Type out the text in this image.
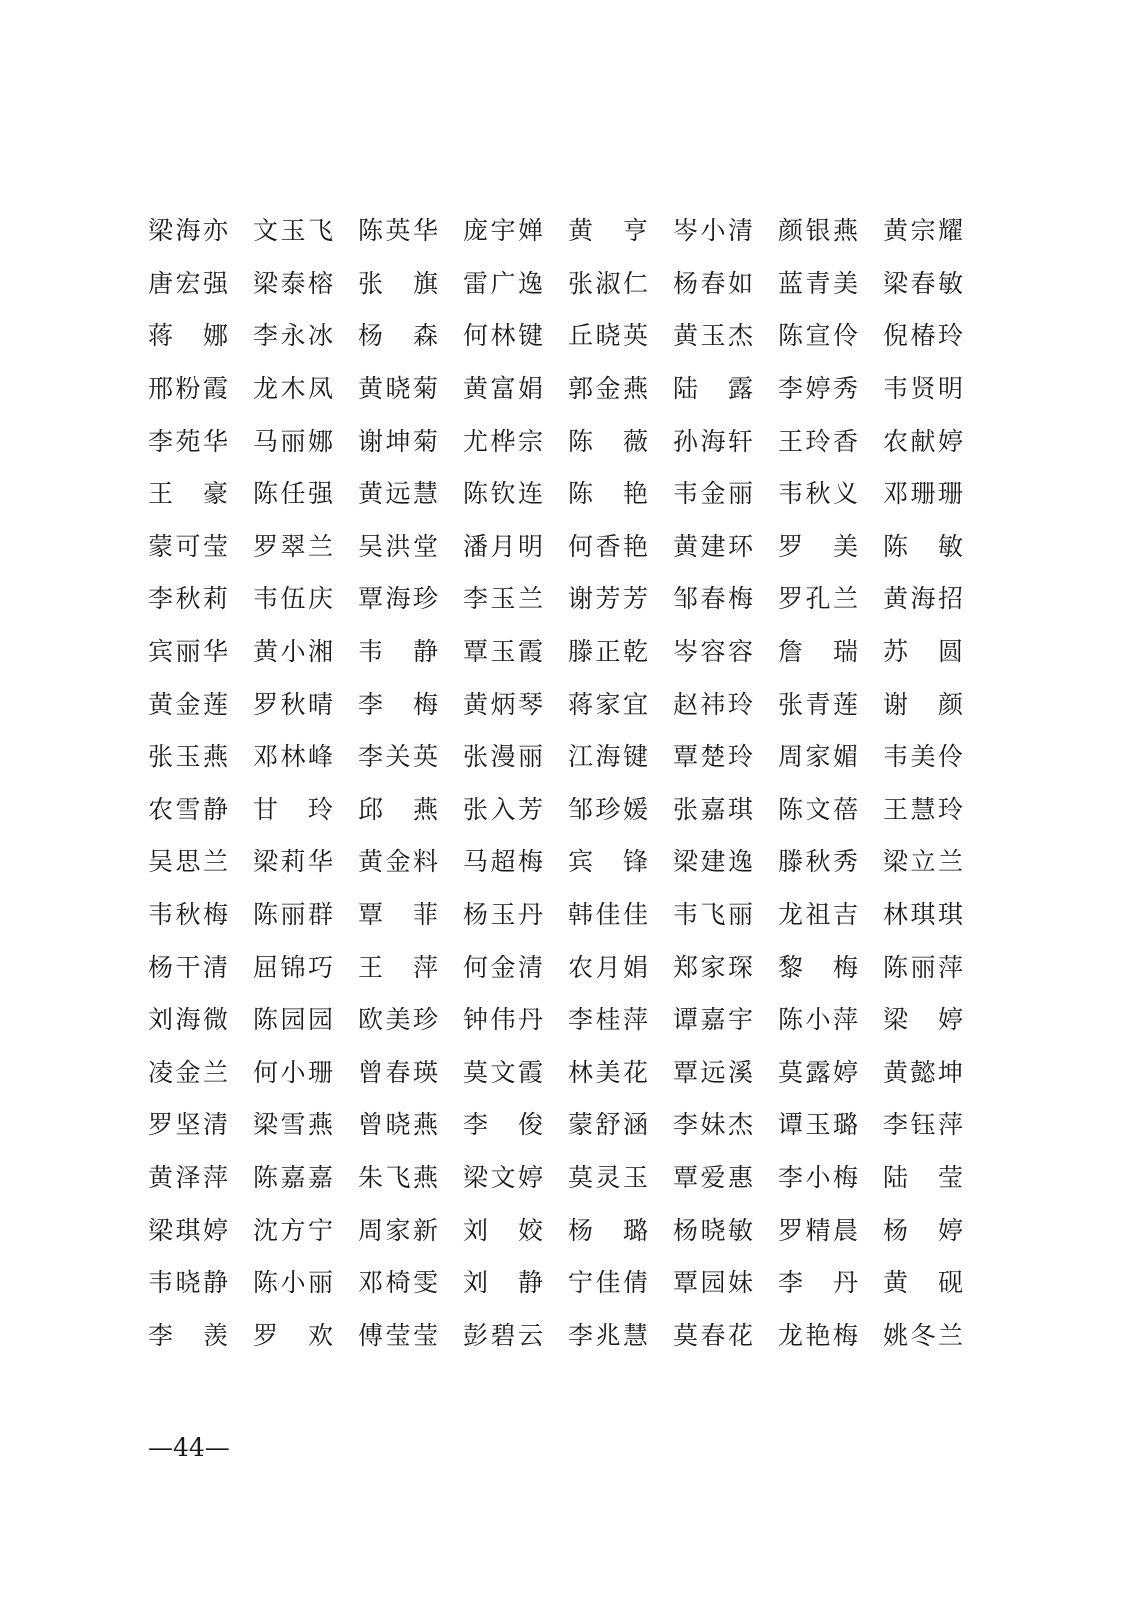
梁海亦 文玉飞 陈英华 庞宇婵 黄　亨 岑小清 颜银燕 黄宗耀
唐宏强 梁泰榕 张　旗 雷广逸 张淑仁 杨春如 蓝青美 梁春敏
蒋　娜 李永冰 杨　森 何林键 丘晓英 黄玉杰 陈宣伶 倪椿玲
邢粉霞 龙木凤 黄晓菊 黄富娟 郭金燕 陆　露 李婷秀 韦贤明
李苑华 马丽娜 谢坤菊 尤桦宗 陈　薇 孙海轩 王玲香 农献婷
王　豪 陈任强 黄远慧 陈钦连 陈　艳 韦金丽 韦秋义 邓珊珊
蒙可莹 罗翠兰 吴洪堂 潘月明 何香艳 黄建环 罗　美 陈　敏
李秋莉 韦伍庆 覃海珍 李玉兰 谢芳芳 邹春梅 罗孔兰 黄海招
宾丽华 黄小湘 韦　静 覃玉霞 滕正乾 岑容容 詹　瑞 苏　圆
黄金莲 罗秋晴 李　梅 黄炳琴 蒋家宜 赵祎玲 张青莲 谢　颜
张玉燕 邓林峰 李关英 张漫丽 江海键 覃楚玲 周家媚 韦美伶
农雪静 甘　玲 邱　燕 张入芳 邹珍媛 张嘉琪 陈文蓓 王慧玲
吴思兰 梁莉华 黄金料 马超梅 宾　锋 梁建逸 滕秋秀 梁立兰
韦秋梅 陈丽群 覃　菲 杨玉丹 韩佳佳 韦飞丽 龙祖吉 林琪琪
杨干清 屈锦巧 王　萍 何金清 农月娟 郑家琛 黎　梅 陈丽萍
刘海微 陈园园 欧美珍 钟伟丹 李桂萍 谭嘉宇 陈小萍 梁　婷
凌金兰 何小珊 曾春瑛 莫文霞 林美花 覃远溪 莫露婷 黄懿坤
罗坚清 梁雪燕 曾晓燕 李　俊 蒙舒涵 李妹杰 谭玉璐 李钰萍
黄泽萍 陈嘉嘉 朱飞燕 梁文婷 莫灵玉 覃爱惠 李小梅 陆　莹
梁琪婷 沈方宁 周家新 刘　姣 杨　璐 杨晓敏 罗精晨 杨　婷
韦晓静 陈小丽 邓椅雯 刘　静 宁佳倩 覃园妹 李　丹 黄　砚
李　羡 罗　欢 傅莹莹 彭碧云 李兆慧 莫春花 龙艳梅 姚冬兰
—44—
